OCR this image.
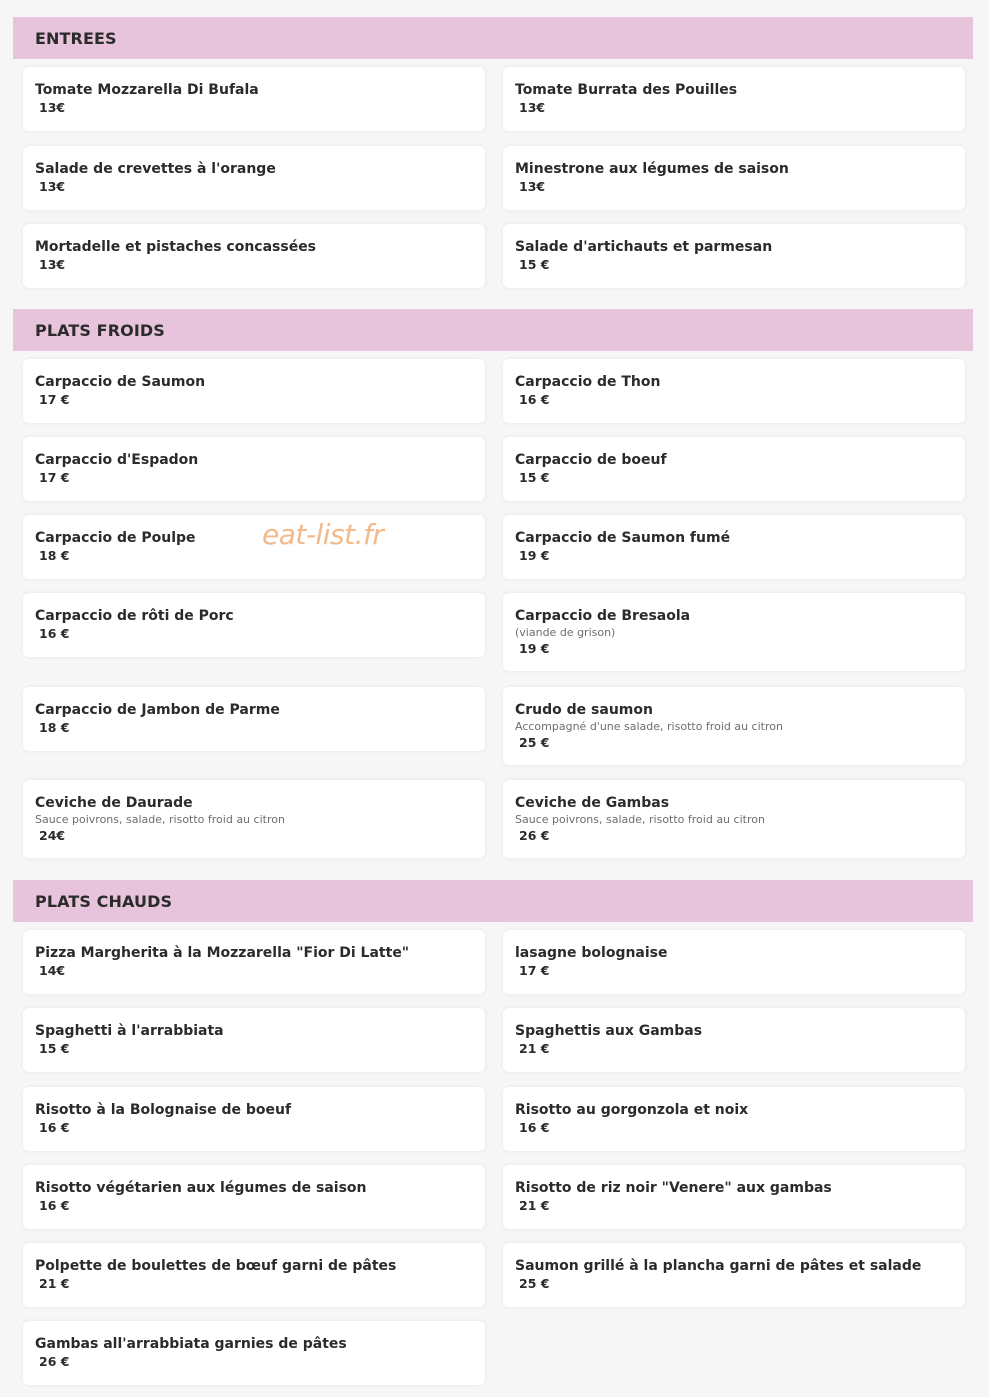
ENTREES
Tomate Mozzarella Di Bufala
13€
Tomate Burrata des Pouilles
13€
Salade de crevettes à l'orange
13€
Minestrone aux légumes de saison
13€
Mortadelle et pistaches concassées
13€
Salade d'artichauts et parmesan
15 €
PLATS FROIDS
Carpaccio de Saumon
17 €
Carpaccio de Thon
16 €
Carpaccio d'Espadon
17 €
Carpaccio de boeuf
15 €
Carpaccio de Poulpe
18 €
Carpaccio de Saumon fumé
19 €
Carpaccio de rôti de Porc
16 €
Carpaccio de Bresaola
(viande de grison)
19 €
Carpaccio de Jambon de Parme
18 €
Crudo de saumon
Accompagné d'une salade, risotto froid au citron
25 €
Ceviche de Daurade
Sauce poivrons, salade, risotto froid au citron
24€
Ceviche de Gambas
Sauce poivrons, salade, risotto froid au citron
26 €
PLATS CHAUDS
Pizza Margherita à la Mozzarella "Fior Di Latte"
14€
lasagne bolognaise
17 €
Spaghetti à l'arrabbiata
15 €
Spaghettis aux Gambas
21 €
Risotto à la Bolognaise de boeuf
16 €
Risotto au gorgonzola et noix
16 €
Risotto végétarien aux légumes de saison
16 €
Risotto de riz noir "Venere" aux gambas
21 €
Polpette de boulettes de bœuf garni de pâtes
21 €
Saumon grillé à la plancha garni de pâtes et salade
25 €
Gambas all'arrabbiata garnies de pâtes
26 €
eat-list.fr
